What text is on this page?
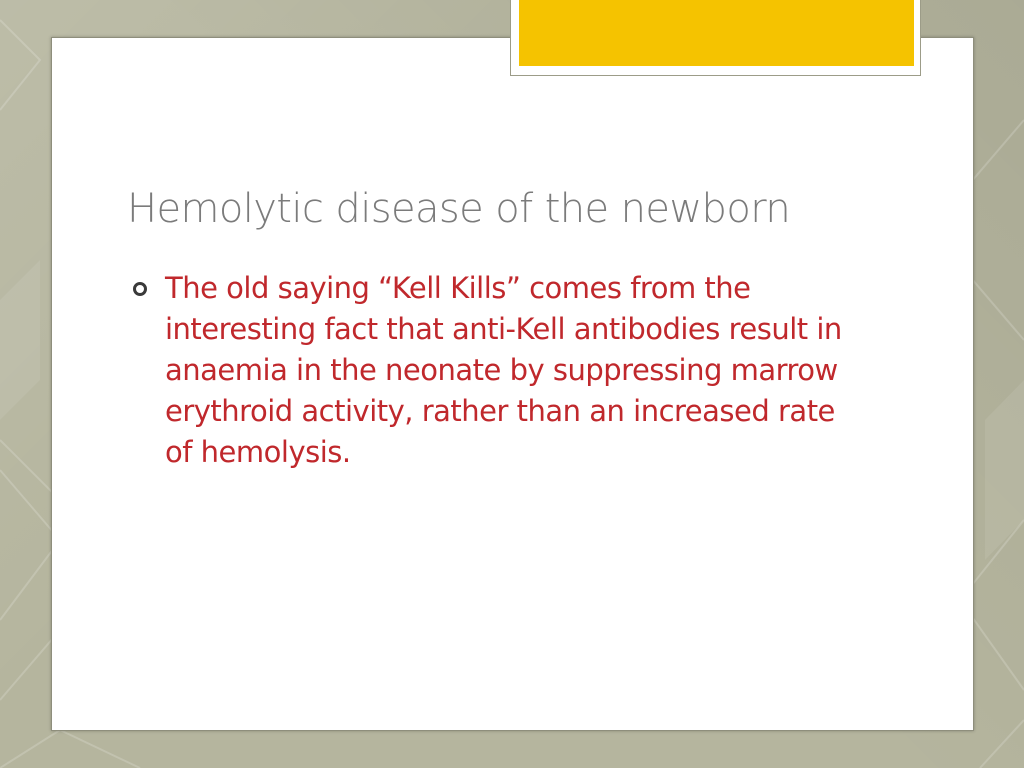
Hemolytic disease of the newborn
The old saying “Kell Kills” comes from the interesting fact that anti-Kell antibodies result in anaemia in the neonate by suppressing marrow erythroid activity, rather than an increased rate of hemolysis.
